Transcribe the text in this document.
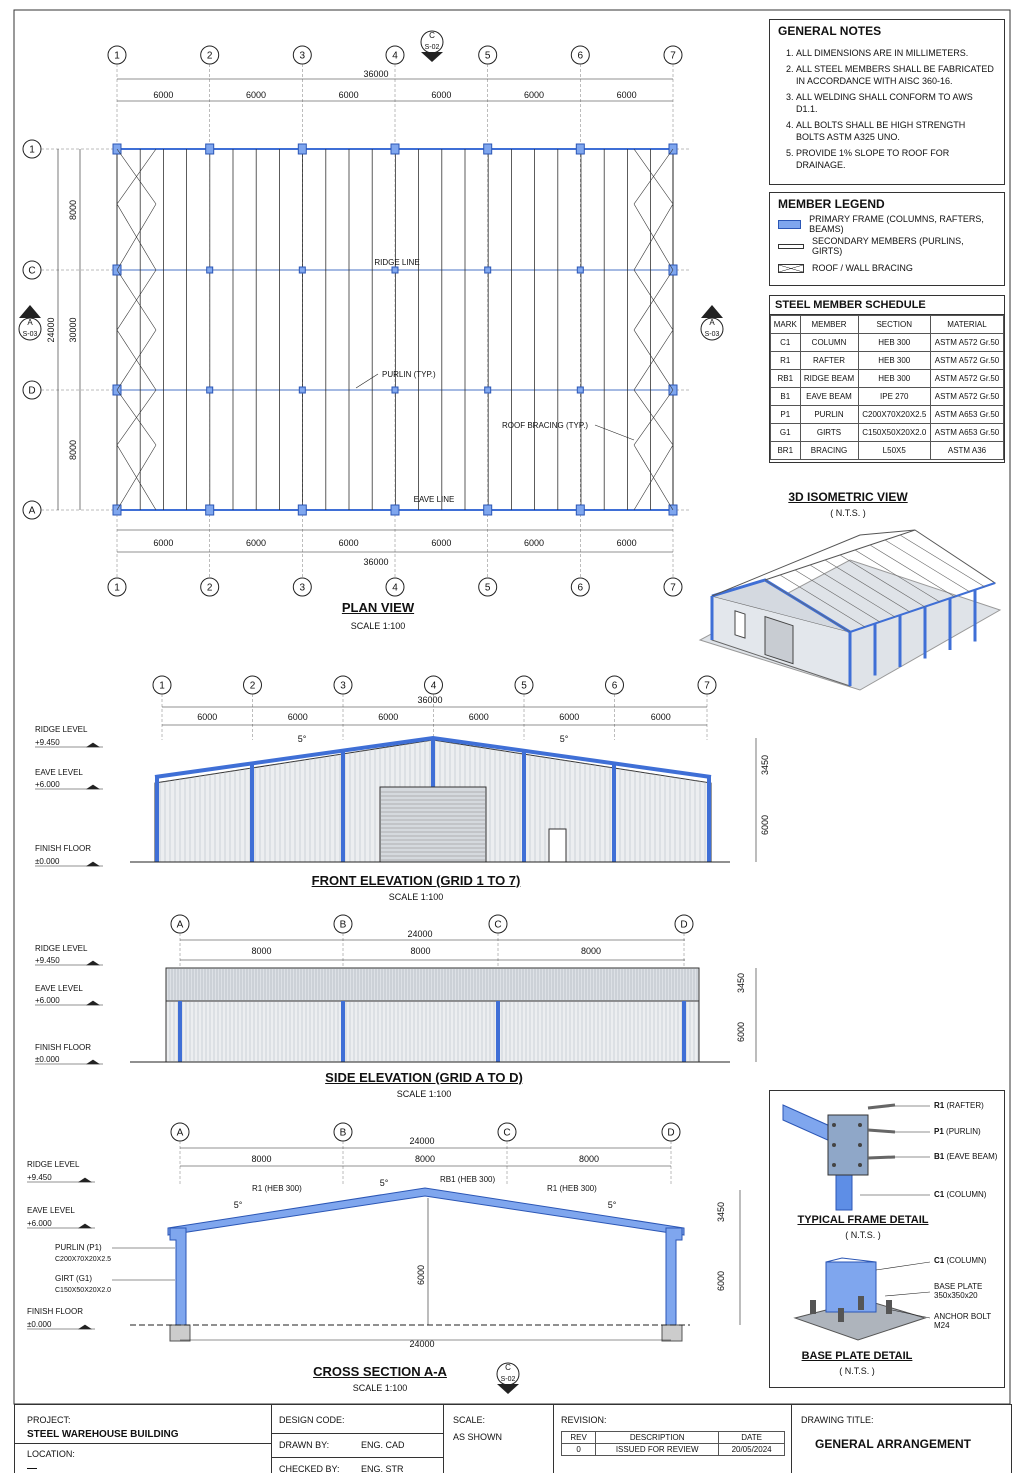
1
1
2
2
3
3
4
4
5
5
6
6
7
7
1
C
D
A
6000
6000
6000
6000
6000
6000
6000
6000
6000
6000
6000
6000
36000
36000
8000
8000
24000 30000
RIDGE LINE
PURLIN (TYP.)
ROOF BRACING (TYP.)
EAVE LINE
C
S-02
A
S-03
A
S-03
C
S-02
1	2	3	4	5	6	7
6000	6000	6000	6000	6000	6000
36000
5°	5°
3450
6000
A	B	C	D
8000	8000	8000
24000
3450
6000
A	B	C	D
8000	8000	8000
24000
24000
R1 (HEB 300)
RB1 (HEB 300)
R1 (HEB 300)
5°
5°
5°
PURLIN (P1)
C200X70X20X2.5
GIRT (G1)
C150X50X20X2.0
6000
3450
6000
RIDGE LEVEL
+9.450
EAVE LEVEL
+6.000
FINISH FLOOR
±0.000
RIDGE LEVEL
+9.450
EAVE LEVEL
+6.000
FINISH FLOOR
±0.000
RIDGE LEVEL
+9.450
EAVE LEVEL
+6.000
FINISH FLOOR
±0.000
GENERAL NOTES
1. ALL DIMENSIONS ARE IN MILLIMETERS.
2. ALL STEEL MEMBERS SHALL BE FABRICATED IN ACCORDANCE WITH AISC 360-16.
3. ALL WELDING SHALL CONFORM TO AWS D1.1.
4. ALL BOLTS SHALL BE HIGH STRENGTH BOLTS ASTM A325 UNO.
5. PROVIDE 1% SLOPE TO ROOF FOR DRAINAGE.
MEMBER LEGEND
PRIMARY FRAME (COLUMNS, RAFTERS, BEAMS)
SECONDARY MEMBERS (PURLINS, GIRTS)
ROOF / WALL BRACING
STEEL MEMBER SCHEDULE
MARK	MEMBER	SECTION	MATERIAL
C1	COLUMN	HEB 300	ASTM A572 Gr.50
R1	RAFTER	HEB 300	ASTM A572 Gr.50
RB1	RIDGE BEAM	HEB 300	ASTM A572 Gr.50
B1	EAVE BEAM	IPE 270	ASTM A572 Gr.50
P1	PURLIN	C200X70X20X2.5	ASTM A653 Gr.50
G1	GIRTS	C150X50X20X2.0	ASTM A653 Gr.50
BR1	BRACING	L50X5	ASTM A36
PLAN VIEW
SCALE 1:100
3D ISOMETRIC VIEW
( N.T.S. )
FRONT ELEVATION (GRID 1 TO 7)
SCALE 1:100
SIDE ELEVATION (GRID A TO D)
SCALE 1:100
CROSS SECTION A-A
SCALE 1:100
R1 (RAFTER)
P1 (PURLIN)
B1 (EAVE BEAM)
C1 (COLUMN)
TYPICAL FRAME DETAIL
( N.T.S. )
C1 (COLUMN)
BASE PLATE
350x350x20
ANCHOR BOLT
M24
BASE PLATE DETAIL
( N.T.S. )
PROJECT:
STEEL WAREHOUSE BUILDING
LOCATION:
—
DESIGN CODE:
DRAWN BY:	ENG. CAD
CHECKED BY: ENG. STR
SCALE:
AS SHOWN
REVISION:
REV	DESCRIPTION	DATE
0	ISSUED FOR REVIEW	20/05/2024
DRAWING TITLE:
GENERAL ARRANGEMENT
